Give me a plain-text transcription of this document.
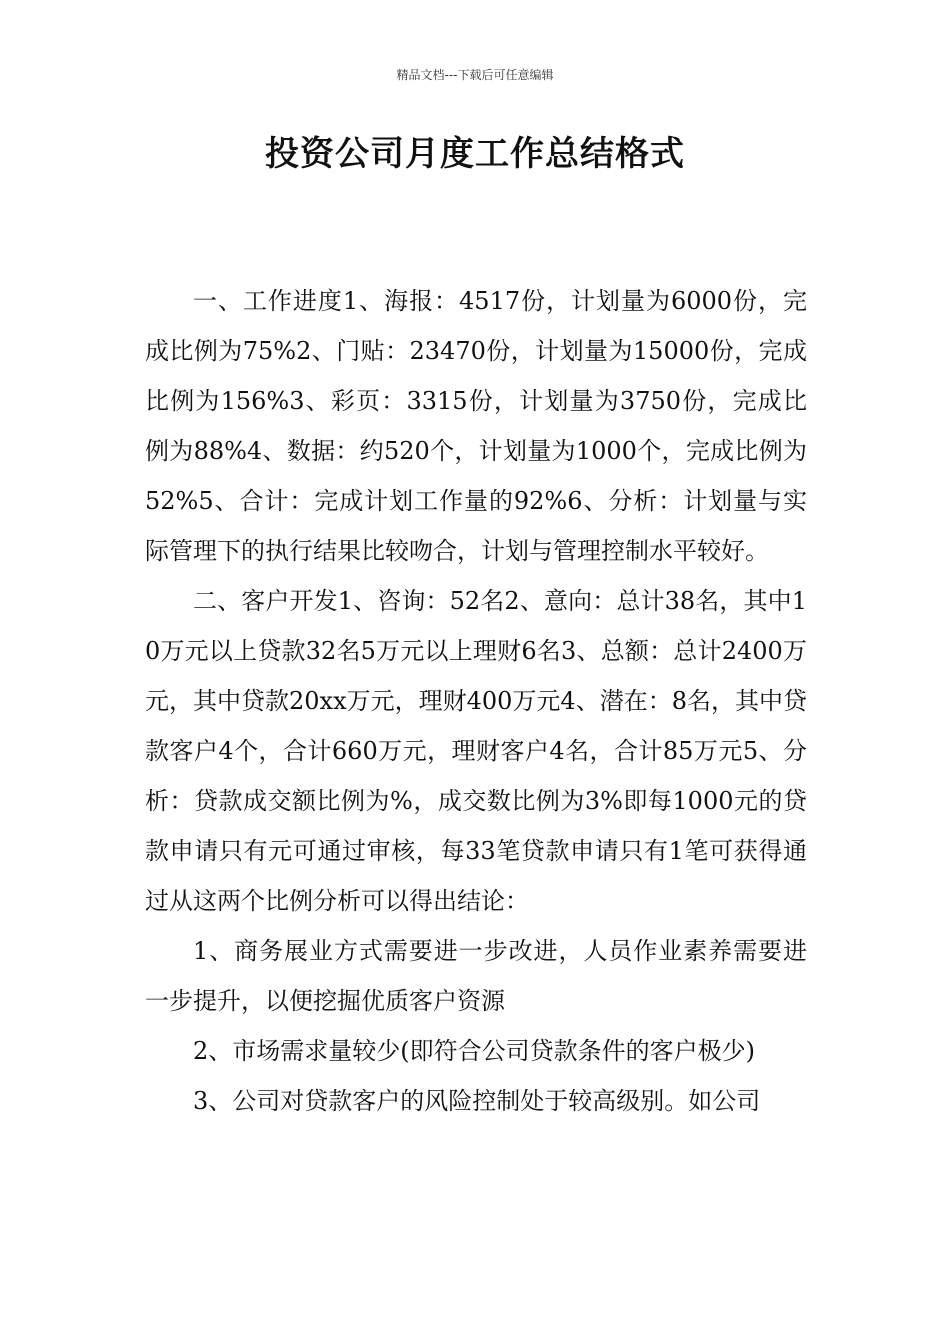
精品文档---下载后可任意编辑
投资公司月度工作总结格式

一、工作进度1、海报：4517份，计划量为6000份，完成比例为75%2、门贴：23470份，计划量为15000份，完成比例为156%3、彩页：3315份，计划量为3750份，完成比例为88%4、数据：约520个，计划量为1000个，完成比例为52%5、合计：完成计划工作量的92%6、分析：计划量与实际管理下的执行结果比较吻合，计划与管理控制水平较好。

二、客户开发1、咨询：52名2、意向：总计38名，其中10万元以上贷款32名5万元以上理财6名3、总额：总计2400万元，其中贷款20xx万元，理财400万元4、潜在：8名，其中贷款客户4个，合计660万元，理财客户4名，合计85万元5、分析：贷款成交额比例为%，成交数比例为3%即每1000元的贷款申请只有元可通过审核，每33笔贷款申请只有1笔可获得通过从这两个比例分析可以得出结论：

1、商务展业方式需要进一步改进，人员作业素养需要进一步提升，以便挖掘优质客户资源

2、市场需求量较少(即符合公司贷款条件的客户极少)

3、公司对贷款客户的风险控制处于较高级别。如公司
